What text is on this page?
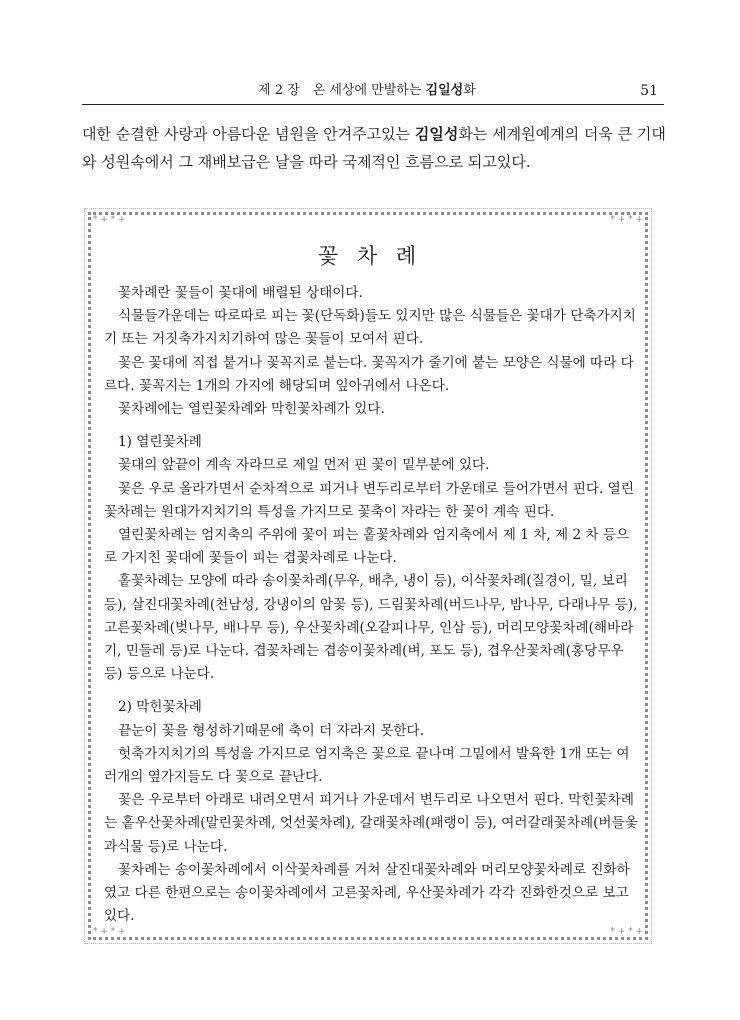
제 2 장　온 세상에 만발하는 김일성화	51

대한 순결한 사랑과 아름다운 념원을 안겨주고있는 김일성화는 세계원예계의 더욱 큰 기대와 성원속에서 그 재배보급은 날을 따라 국제적인 흐름으로 되고있다.

* + * +	* + * +
* + * +	* + * +
꽃 차 례

꽃차례란 꽃들이 꽃대에 배렬된 상태이다.

식물들가운데는 따로따로 피는 꽃(단독화)들도 있지만 많은 식물들은 꽃대가 단축가지치기 또는 거짓축가지치기하여 많은 꽃들이 모여서 핀다.

꽃은 꽃대에 직접 붙거나 꽃꼭지로 붙는다. 꽃꼭지가 줄기에 붙는 모양은 식물에 따라 다르다. 꽃꼭지는 1개의 가지에 해당되며 잎아귀에서 나온다.

꽃차례에는 열린꽃차례와 막힌꽃차례가 있다.

1) 열린꽃차례

꽃대의 앞끝이 계속 자라므로 제일 먼저 핀 꽃이 밑부분에 있다.

꽃은 우로 올라가면서 순차적으로 피거나 변두리로부터 가운데로 들어가면서 핀다. 열린꽃차례는 원대가지치기의 특성을 가지므로 꽃축이 자라는 한 꽃이 계속 핀다.

열린꽃차례는 엄지축의 주위에 꽃이 피는 홑꽃차례와 엄지축에서 제 1 차, 제 2 차 등으로 가지친 꽃대에 꽃들이 피는 겹꽃차례로 나눈다.

홑꽃차례는 모양에 따라 송이꽃차례(무우, 배추, 냉이 등), 이삭꽃차례(질경이, 밀, 보리 등), 살진대꽃차례(천남성, 강냉이의 암꽃 등), 드림꽃차례(버드나무, 밤나무, 다래나무 등), 고른꽃차례(벚나무, 배나무 등), 우산꽃차례(오갈피나무, 인삼 등), 머리모양꽃차례(해바라기, 민들레 등)로 나눈다. 겹꽃차례는 겹송이꽃차례(벼, 포도 등), 겹우산꽃차례(홍당무우 등) 등으로 나눈다.

2) 막힌꽃차례

끝눈이 꽃을 형성하기때문에 축이 더 자라지 못한다.

헛축가지치기의 특성을 가지므로 엄지축은 꽃으로 끝나며 그밑에서 발육한 1개 또는 여러개의 옆가지들도 다 꽃으로 끝난다.

꽃은 우로부터 아래로 내려오면서 피거나 가운데서 변두리로 나오면서 핀다. 막힌꽃차례는 홑우산꽃차례(말린꽃차례, 엇선꽃차례), 갈래꽃차례(패랭이 등), 여러갈래꽃차례(버들옻과식물 등)로 나눈다.

꽃차례는 송이꽃차례에서 이삭꽃차례를 거쳐 살진대꽃차례와 머리모양꽃차례로 진화하였고 다른 한편으로는 송이꽃차례에서 고른꽃차례, 우산꽃차례가 각각 진화한것으로 보고있다.
